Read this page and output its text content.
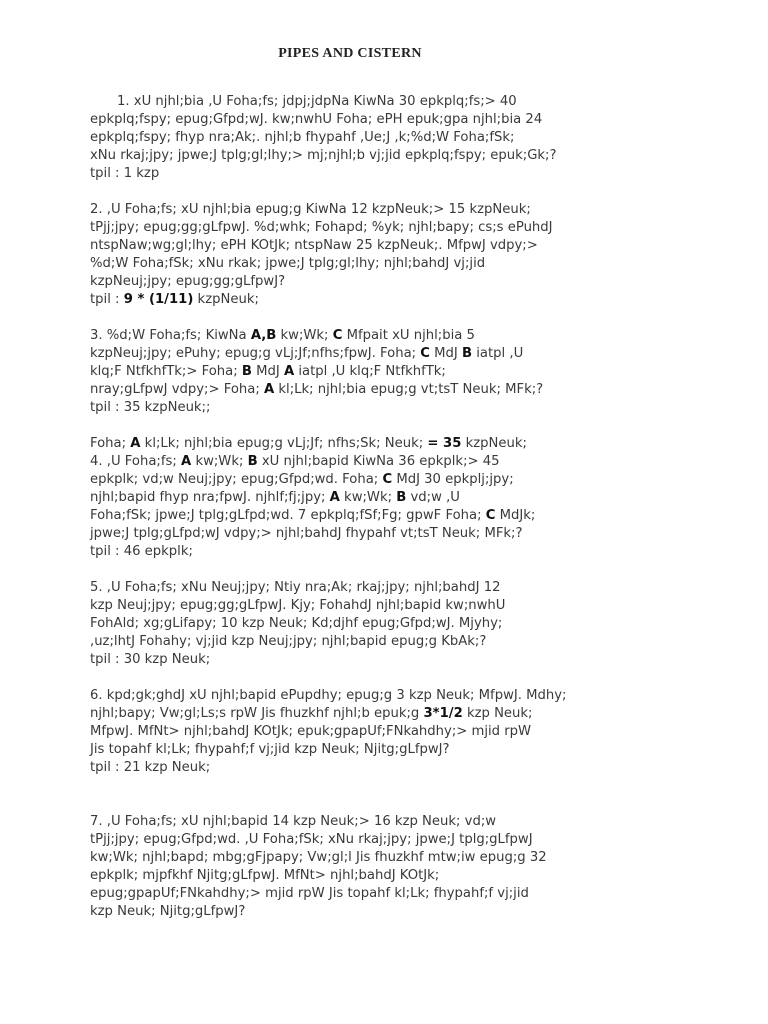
PIPES AND CISTERN
1. xU njhl;bia ,U Foha;fs; jdpj;jdpNa KiwNa 30 epkplq;fs;> 40
epkplq;fspy; epug;Gfpd;wJ. kw;nwhU Foha; ePH epuk;gpa njhl;bia 24
epkplq;fspy; fhyp nra;Ak;. njhl;b fhypahf ,Ue;J ,k;%d;W Foha;fSk;
xNu rkaj;jpy; jpwe;J tplg;gl;lhy;> mj;njhl;b vj;jid epkplq;fspy; epuk;Gk;?
tpil : 1 kzp
2. ,U Foha;fs; xU njhl;bia epug;g KiwNa 12 kzpNeuk;> 15 kzpNeuk;
tPjj;jpy; epug;gg;gLfpwJ. %d;whk; Fohapd; %yk; njhl;bapy; cs;s ePuhdJ
ntspNaw;wg;gl;lhy; ePH KOtJk; ntspNaw 25 kzpNeuk;. MfpwJ vdpy;>
%d;W Foha;fSk; xNu rkak; jpwe;J tplg;gl;lhy; njhl;bahdJ vj;jid
kzpNeuj;jpy; epug;gg;gLfpwJ?
tpil : 9 * (1/11) kzpNeuk;
3. %d;W Foha;fs; KiwNa A,B kw;Wk; C Mfpait xU njhl;bia 5
kzpNeuj;jpy; ePuhy; epug;g vLj;Jf;nfhs;fpwJ. Foha; C MdJ B iatpl ,U
klq;F NtfkhfTk;> Foha; B MdJ A iatpl ,U klq;F NtfkhfTk;
nray;gLfpwJ vdpy;> Foha; A kl;Lk; njhl;bia epug;g vt;tsT Neuk; MFk;?
tpil : 35 kzpNeuk;;
Foha; A kl;Lk; njhl;bia epug;g vLj;Jf; nfhs;Sk; Neuk; = 35 kzpNeuk;
4. ,U Foha;fs; A kw;Wk; B xU njhl;bapid KiwNa 36 epkplk;> 45
epkplk; vd;w Neuj;jpy; epug;Gfpd;wd. Foha; C MdJ 30 epkplj;jpy;
njhl;bapid fhyp nra;fpwJ. njhlf;fj;jpy; A kw;Wk; B vd;w ,U
Foha;fSk; jpwe;J tplg;gLfpd;wd. 7 epkplq;fSf;Fg; gpwF Foha; C MdJk;
jpwe;J tplg;gLfpd;wJ vdpy;> njhl;bahdJ fhypahf vt;tsT Neuk; MFk;?
tpil : 46 epkplk;
5. ,U Foha;fs; xNu Neuj;jpy; Ntiy nra;Ak; rkaj;jpy; njhl;bahdJ 12
kzp Neuj;jpy; epug;gg;gLfpwJ. Kjy; FohahdJ njhl;bapid kw;nwhU
FohAld; xg;gLifapy; 10 kzp Neuk; Kd;djhf epug;Gfpd;wJ. Mjyhy;
,uz;lhtJ Fohahy; vj;jid kzp Neuj;jpy; njhl;bapid epug;g KbAk;?
tpil : 30 kzp Neuk;
6. kpd;gk;ghdJ xU njhl;bapid ePupdhy; epug;g 3 kzp Neuk; MfpwJ. Mdhy;
njhl;bapy; Vw;gl;Ls;s rpW Jis fhuzkhf njhl;b epuk;g 3*1/2 kzp Neuk;
MfpwJ. MfNt> njhl;bahdJ KOtJk; epuk;gpapUf;FNkahdhy;> mjid rpW
Jis topahf kl;Lk; fhypahf;f vj;jid kzp Neuk; Njitg;gLfpwJ?
tpil : 21 kzp Neuk;
7. ,U Foha;fs; xU njhl;bapid 14 kzp Neuk;> 16 kzp Neuk; vd;w
tPjj;jpy; epug;Gfpd;wd. ,U Foha;fSk; xNu rkaj;jpy; jpwe;J tplg;gLfpwJ
kw;Wk; njhl;bapd; mbg;gFjpapy; Vw;gl;l Jis fhuzkhf mtw;iw epug;g 32
epkplk; mjpfkhf Njitg;gLfpwJ. MfNt> njhl;bahdJ KOtJk;
epug;gpapUf;FNkahdhy;> mjid rpW Jis topahf kl;Lk; fhypahf;f vj;jid
kzp Neuk; Njitg;gLfpwJ?
